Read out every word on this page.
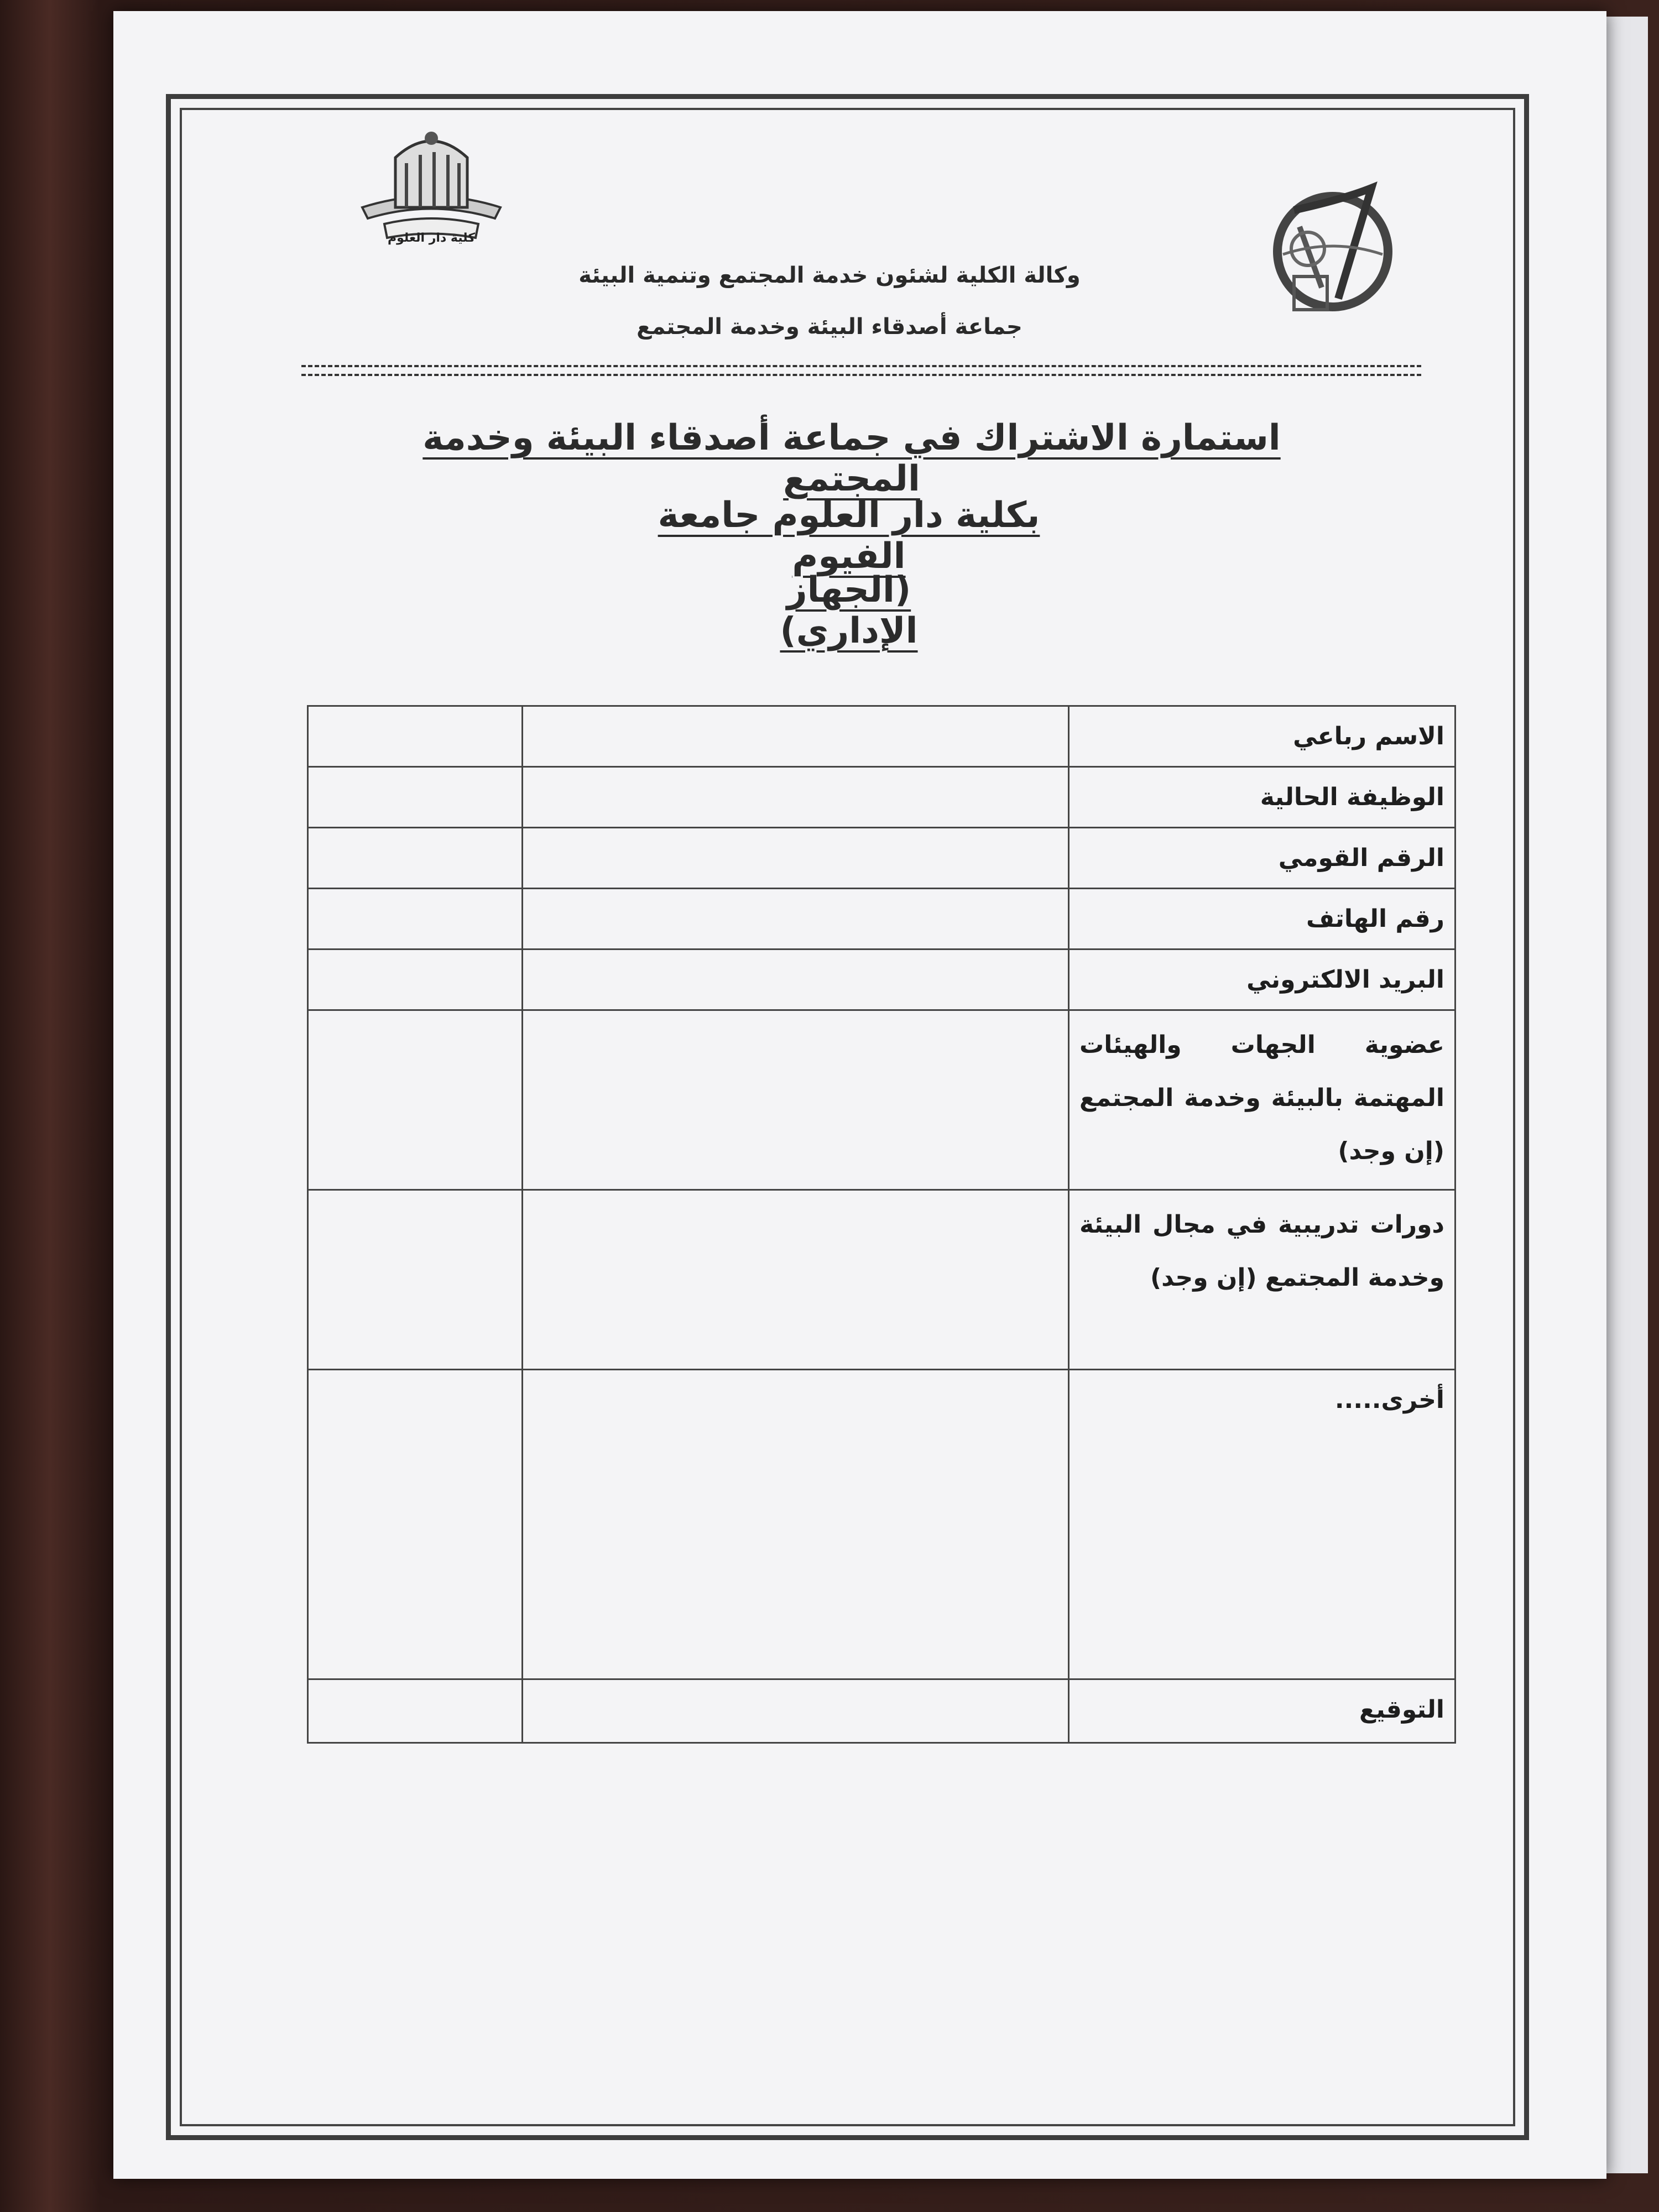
كلية دار العلوم
وكالة الكلية لشئون خدمة المجتمع وتنمية البيئة
جماعة أصدقاء البيئة وخدمة المجتمع
استمارة الاشتراك في جماعة أصدقاء البيئة وخدمة المجتمع
بكلية دار العلوم جامعة الفيوم
(الجهاز الإداري)
الاسم رباعي		
الوظيفة الحالية		
الرقم القومي		
رقم الهاتف		
البريد الالكتروني		
عضوية الجهات والهيئات المهتمة بالبيئة وخدمة المجتمع (إن وجد)		
دورات تدريبية في مجال البيئة وخدمة المجتمع (إن وجد)		
أخرى.....		
التوقيع		
